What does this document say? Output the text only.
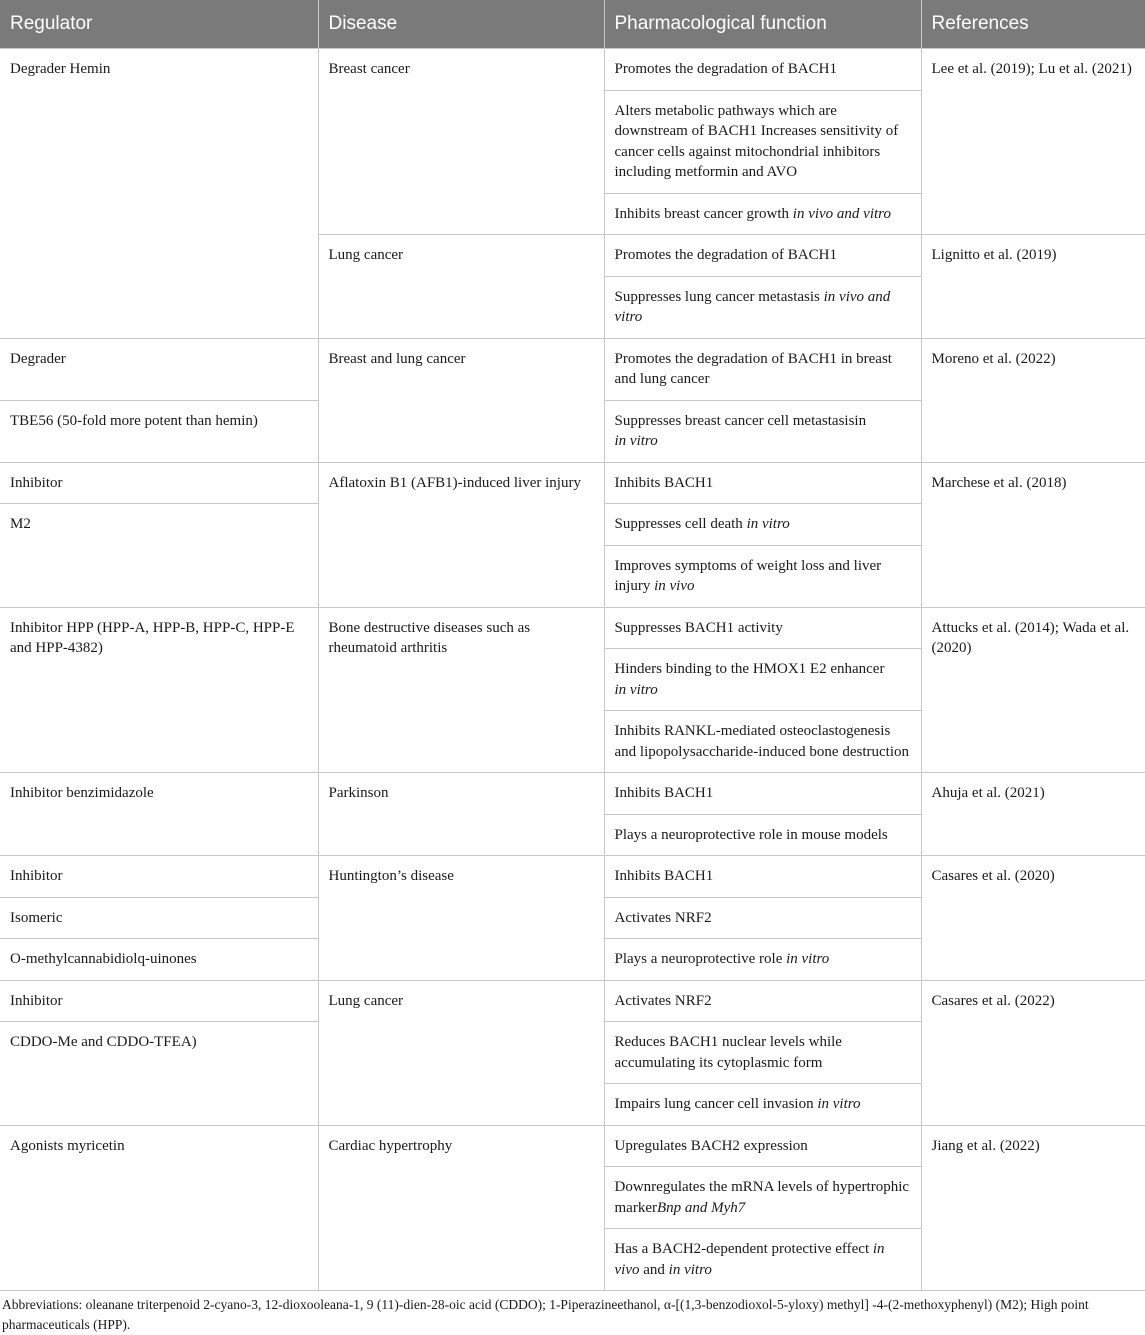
Regulator	Disease	Pharmacological function	References
Degrader Hemin	Breast cancer	Promotes the degradation of BACH1	Lee et al. (2019); Lu et al. (2021)
		Alters metabolic pathways which are downstream of BACH1 Increases sensitivity of cancer cells against mitochondrial inhibitors including metformin and AVO	
		Inhibits breast cancer growth in vivo and vitro	
	Lung cancer	Promotes the degradation of BACH1	Lignitto et al. (2019)
		Suppresses lung cancer metastasis in vivo and vitro	
Degrader	Breast and lung cancer	Promotes the degradation of BACH1 in breast and lung cancer	Moreno et al. (2022)
TBE56 (50-fold more potent than hemin)		Suppresses breast cancer cell metastasisin
in vitro	
Inhibitor	Aflatoxin B1 (AFB1)-induced liver injury	Inhibits BACH1	Marchese et al. (2018)
M2		Suppresses cell death in vitro	
		Improves symptoms of weight loss and liver injury in vivo	
Inhibitor HPP (HPP-A, HPP-B, HPP-C, HPP-E and HPP-4382)	Bone destructive diseases such as rheumatoid arthritis	Suppresses BACH1 activity	Attucks et al. (2014); Wada et al. (2020)
		Hinders binding to the HMOX1 E2 enhancer
in vitro	
		Inhibits RANKL-mediated osteoclastogenesis and lipopolysaccharide-induced bone destruction	
Inhibitor benzimidazole	Parkinson	Inhibits BACH1	Ahuja et al. (2021)
		Plays a neuroprotective role in mouse models	
Inhibitor	Huntington’s disease	Inhibits BACH1	Casares et al. (2020)
Isomeric		Activates NRF2	
O-methylcannabidiolq-uinones		Plays a neuroprotective role in vitro	
Inhibitor	Lung cancer	Activates NRF2	Casares et al. (2022)
CDDO-Me and CDDO-TFEA)		Reduces BACH1 nuclear levels while accumulating its cytoplasmic form	
		Impairs lung cancer cell invasion in vitro	
Agonists myricetin	Cardiac hypertrophy	Upregulates BACH2 expression	Jiang et al. (2022)
		Downregulates the mRNA levels of hypertrophic markerBnp and Myh7	
		Has a BACH2-dependent protective effect in vivo and in vitro	
Abbreviations: oleanane triterpenoid 2-cyano-3, 12-dioxooleana-1, 9 (11)-dien-28-oic acid (CDDO); 1-Piperazineethanol, α-[(1,3-benzodioxol-5-yloxy) methyl] -4-(2-methoxyphenyl) (M2); High point pharmaceuticals (HPP).
